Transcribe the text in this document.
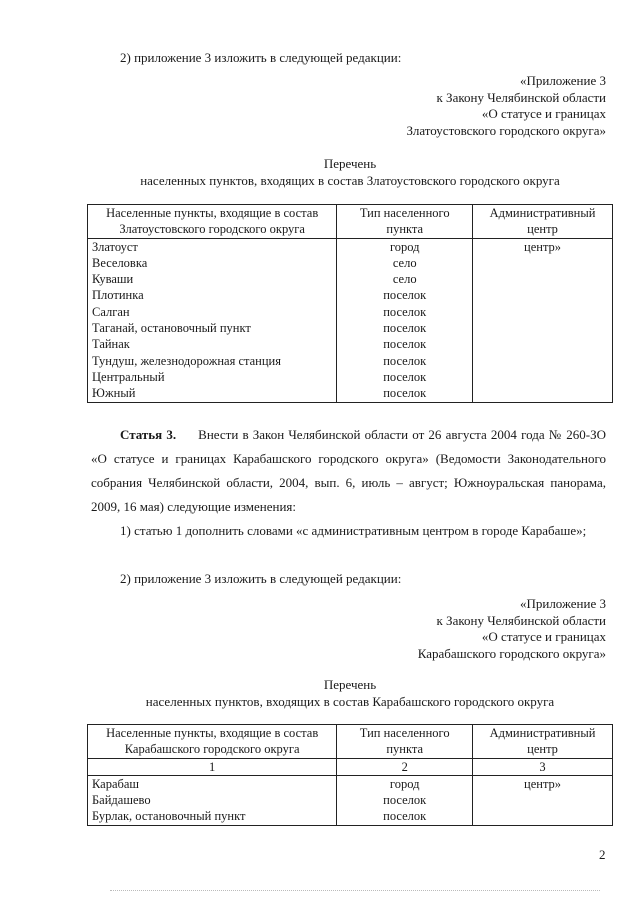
2) приложение 3 изложить в следующей редакции:
«Приложение 3
к Закону Челябинской области
«О статусе и границах
Златоустовского городского округа»
Перечень
населенных пунктов, входящих в состав Златоустовского городского округа
Населенные пункты, входящие в состав Златоустовского городского округа	Тип населенного пункта	Административный центр
Златоуст	город	центр»
Веселовка	село	
Куваши	село	
Плотинка	поселок	
Салган	поселок	
Таганай, остановочный пункт	поселок	
Тайнак	поселок	
Тундуш, железнодорожная станция	поселок	
Центральный	поселок	
Южный	поселок	
Статья 3. Внести в Закон Челябинской области от 26 августа 2004 года № 260-ЗО «О статусе и границах Карабашского городского округа» (Ведомости Законодательного собрания Челябинской области, 2004, вып. 6, июль – август; Южноуральская панорама, 2009, 16 мая) следующие изменения:
1) статью 1 дополнить словами «с административным центром в городе Карабаше»;
2) приложение 3 изложить в следующей редакции:
«Приложение 3
к Закону Челябинской области
«О статусе и границах
Карабашского городского округа»
Перечень
населенных пунктов, входящих в состав Карабашского городского округа
Населенные пункты, входящие в состав Карабашского городского округа	Тип населенного пункта	Административный центр
1	2	3
Карабаш	город	центр»
Байдашево	поселок	
Бурлак, остановочный пункт	поселок	
2
